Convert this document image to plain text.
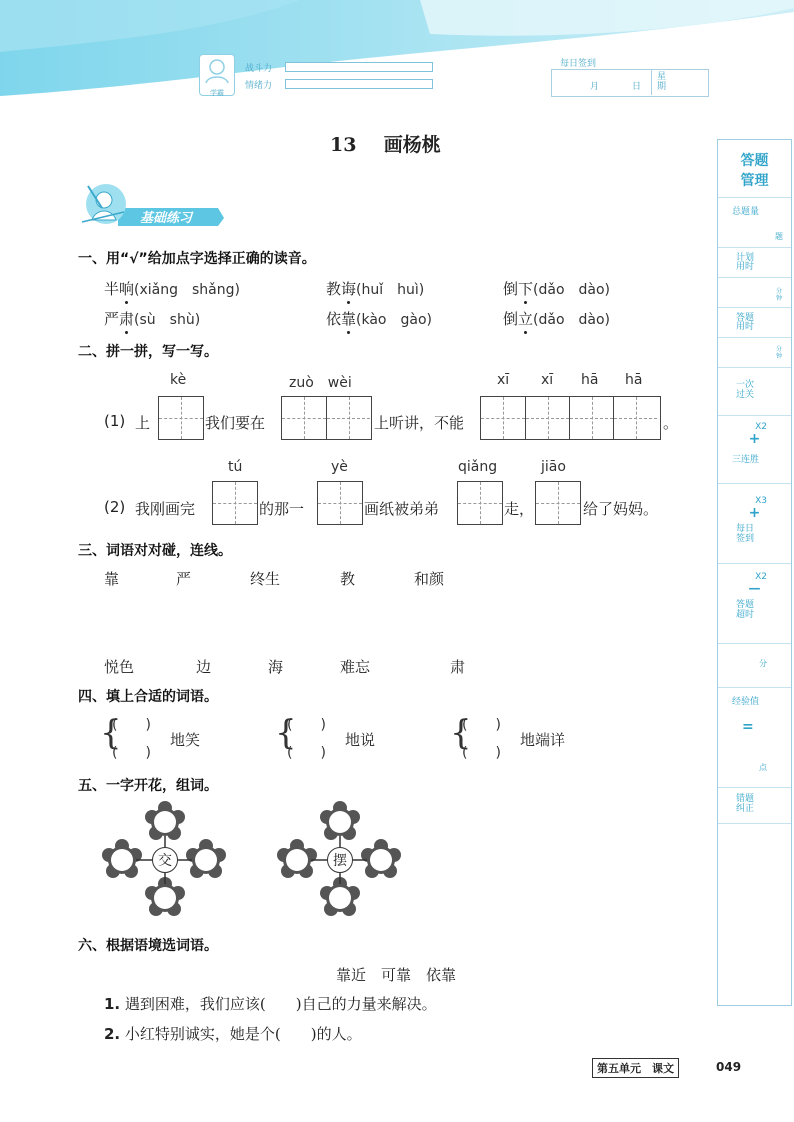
学霸
战斗力
情绪力
每日签到
月	日
星期
答题
管理
总题量
题
计划
用时
分钟
答题
用时
分钟
一次
过关
X2
+
三连胜
X3
+
每日
签到
X2
—
答题
超时
分
经验值
=
点
错题
纠正
13 画杨桃
基础练习
一、用“√”给加点字选择正确的读音。
半响(xiǎng　shǎng)	教诲(huǐ　huì)	倒下(dǎo　dào)
严肃(sù　shù)	依靠(kào　gào)	倒立(dǎo　dào)
二、拼一拼，写一写。
kè	zuò　wèi	xī xī hā hā
(1) 上	我们要在	上听讲，不能	。
tú	yè	qiǎng	jiāo
(2) 我刚画完	的那一	画纸被弟弟	走，	给了妈妈。
三、词语对对碰，连线。
靠	严	终生	教	和颜
悦色	边	海	难忘	肃
四、填上合适的词语。
{
(　　)
(　　)
地笑 {
(　　)
(　　)
地说 {
(　　)
(　　)
地端详
五、一字开花，组词。
交	摆
六、根据语境选词语。
靠近　可靠　依靠
1. 遇到困难，我们应该(　　)自己的力量来解决。
2. 小红特别诚实，她是个(　　)的人。
第五单元　课文	049
